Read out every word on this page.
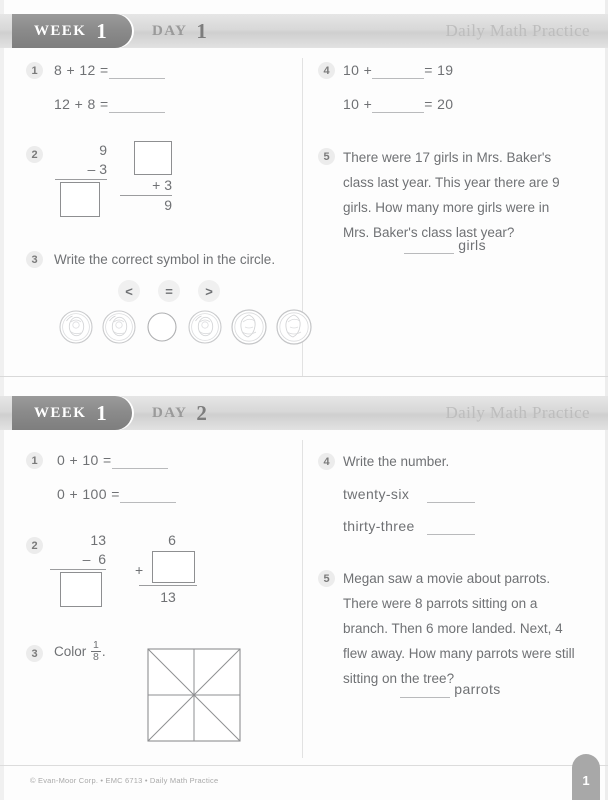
WEEK 1	DAY 1	Daily Math Practice
1	8 + 12 =
12 + 8 =
2	9
– 3
+ 3
9
3	Write the correct symbol in the circle.
<	=	>
4 10 +	= 19
10 +	= 20
5 There were 17 girls in Mrs. Baker's class last year. This year there are 9 girls. How many more girls were in Mrs. Baker's class last year?
girls
WEEK 1	DAY 2	Daily Math Practice
1	0 + 10 =
0 + 100 =
2	13
–  6
6
+
13
3	Color $\frac{1}{8}$ .
4 Write the number.
twenty-six
thirty-three
5 Megan saw a movie about parrots. There were 8 parrots sitting on a branch. Then 6 more landed. Next, 4 flew away. How many parrots were still sitting on the tree?
parrots
© Evan-Moor Corp. • EMC 6713 • Daily Math Practice	1
